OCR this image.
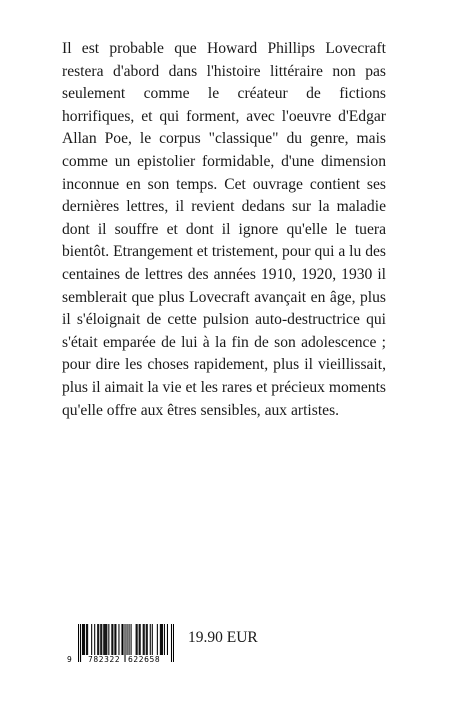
Il est probable que Howard Phillips Lovecraft restera d'abord dans l'histoire littéraire non pas seulement comme le créateur de fictions horrifiques, et qui forment, avec l'oeuvre d'Edgar Allan Poe, le corpus "classique" du genre, mais comme un epistolier formidable, d'une dimension inconnue en son temps. Cet ouvrage contient ses dernières lettres, il revient dedans sur la maladie dont il souffre et dont il ignore qu'elle le tuera bientôt. Etrangement et tristement, pour qui a lu des centaines de lettres des années 1910, 1920, 1930 il semblerait que plus Lovecraft avançait en âge, plus il s'éloignait de cette pulsion auto-destructrice qui s'était emparée de lui à la fin de son adolescence ; pour dire les choses rapidement, plus il vieillissait, plus il aimait la vie et les rares et précieux moments qu'elle offre aux êtres sensibles, aux artistes.

9 782322 622658
19.90 EUR
